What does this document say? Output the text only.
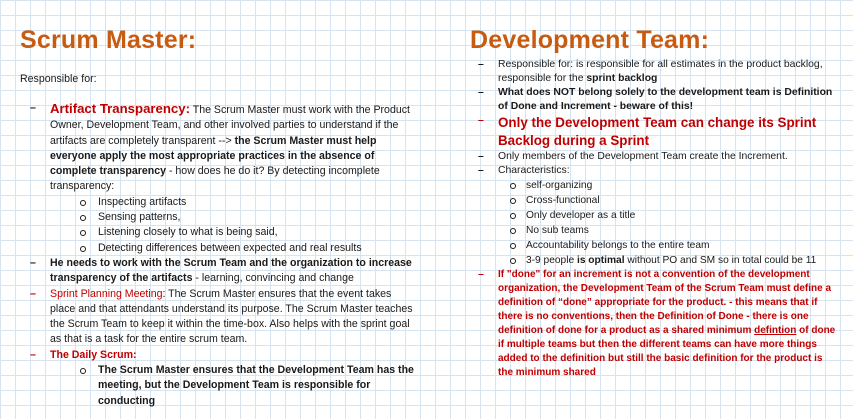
Scrum Master:
Responsible for:
– Artifact Transparency: The Scrum Master must work with the Product Owner, Development Team, and other involved parties to understand if the artifacts are completely transparent --> the Scrum Master must help everyone apply the most appropriate practices in the absence of complete transparency - how does he do it? By detecting incomplete transparency:
Inspecting artifacts
Sensing patterns,
Listening closely to what is being said,
Detecting differences between expected and real results
– He needs to work with the Scrum Team and the organization to increase transparency of the artifacts - learning, convincing and change
– Sprint Planning Meeting: The Scrum Master ensures that the event takes place and that attendants understand its purpose. The Scrum Master teaches the Scrum Team to keep it within the time-box. Also helps with the sprint goal as that is a task for the entire scrum team.
– The Daily Scrum:
The Scrum Master ensures that the Development Team has the meeting, but the Development Team is responsible for conducting
Development Team:
– Responsible for: is responsible for all estimates in the product backlog, responsible for the sprint backlog
– What does NOT belong solely to the development team is Definition of Done and Increment - beware of this!
– Only the Development Team can change its Sprint Backlog during a Sprint
– Only members of the Development Team create the Increment.
– Characteristics:
self-organizing
Cross-functional
Only developer as a title
No sub teams
Accountability belongs to the entire team
3-9 people is optimal without PO and SM so in total could be 11
– If "done" for an increment is not a convention of the development organization, the Development Team of the Scrum Team must define a definition of “done” appropriate for the product. - this means that if there is no conventions, then the Definition of Done - there is one definition of done for a product as a shared minimum defintion of done if multiple teams but then the different teams can have more things added to the definition but still the basic definition for the product is the minimum shared
